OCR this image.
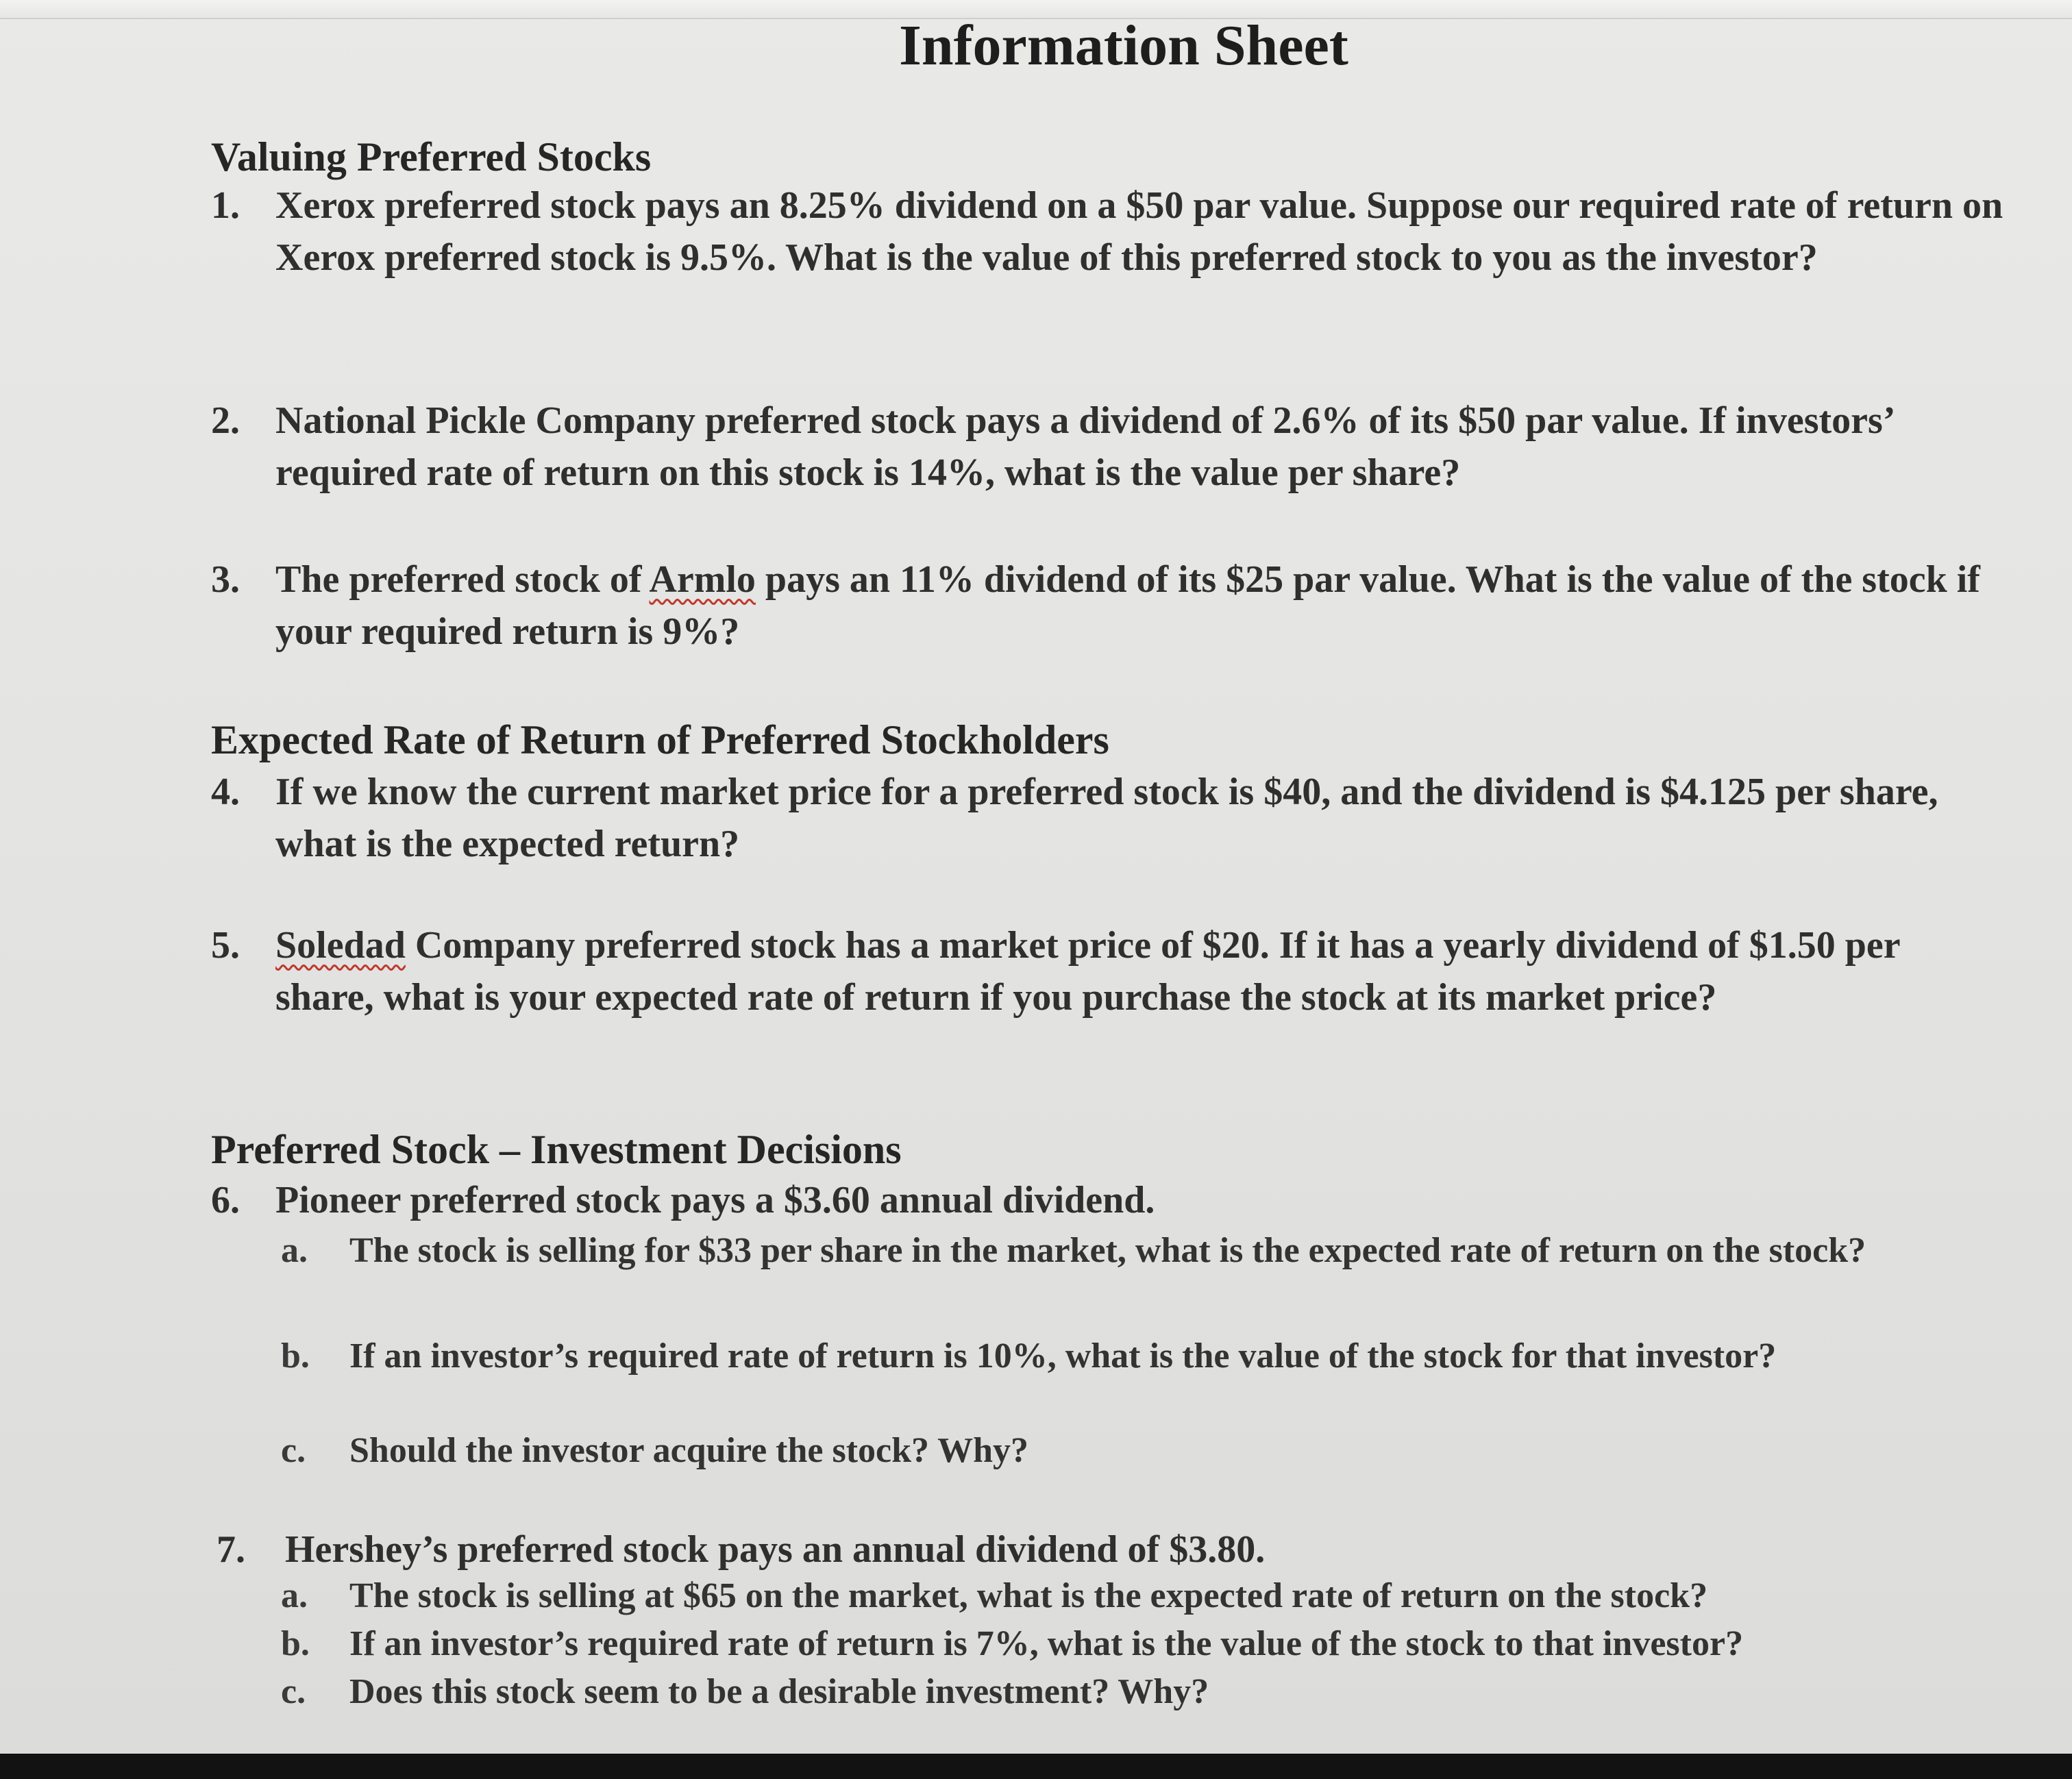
Information Sheet
Valuing Preferred Stocks
1. Xerox preferred stock pays an 8.25% dividend on a $50 par value. Suppose our required rate of return on Xerox preferred stock is 9.5%. What is the value of this preferred stock to you as the investor?

2. National Pickle Company preferred stock pays a dividend of 2.6% of its $50 par value. If investors’ required rate of return on this stock is 14%, what is the value per share?

3. The preferred stock of Armlo pays an 11% dividend of its $25 par value. What is the value of the stock if your required return is 9%?

Expected Rate of Return of Preferred Stockholders
4. If we know the current market price for a preferred stock is $40, and the dividend is $4.125 per share, what is the expected return?

5. Soledad Company preferred stock has a market price of $20. If it has a yearly dividend of $1.50 per share, what is your expected rate of return if you purchase the stock at its market price?

Preferred Stock – Investment Decisions
6. Pioneer preferred stock pays a $3.60 annual dividend.

a. The stock is selling for $33 per share in the market, what is the expected rate of return on the stock?

b. If an investor’s required rate of return is 10%, what is the value of the stock for that investor?

c. Should the investor acquire the stock? Why?

7. Hershey’s preferred stock pays an annual dividend of $3.80.

a. The stock is selling at $65 on the market, what is the expected rate of return on the stock?

b. If an investor’s required rate of return is 7%, what is the value of the stock to that investor?

c. Does this stock seem to be a desirable investment? Why?
